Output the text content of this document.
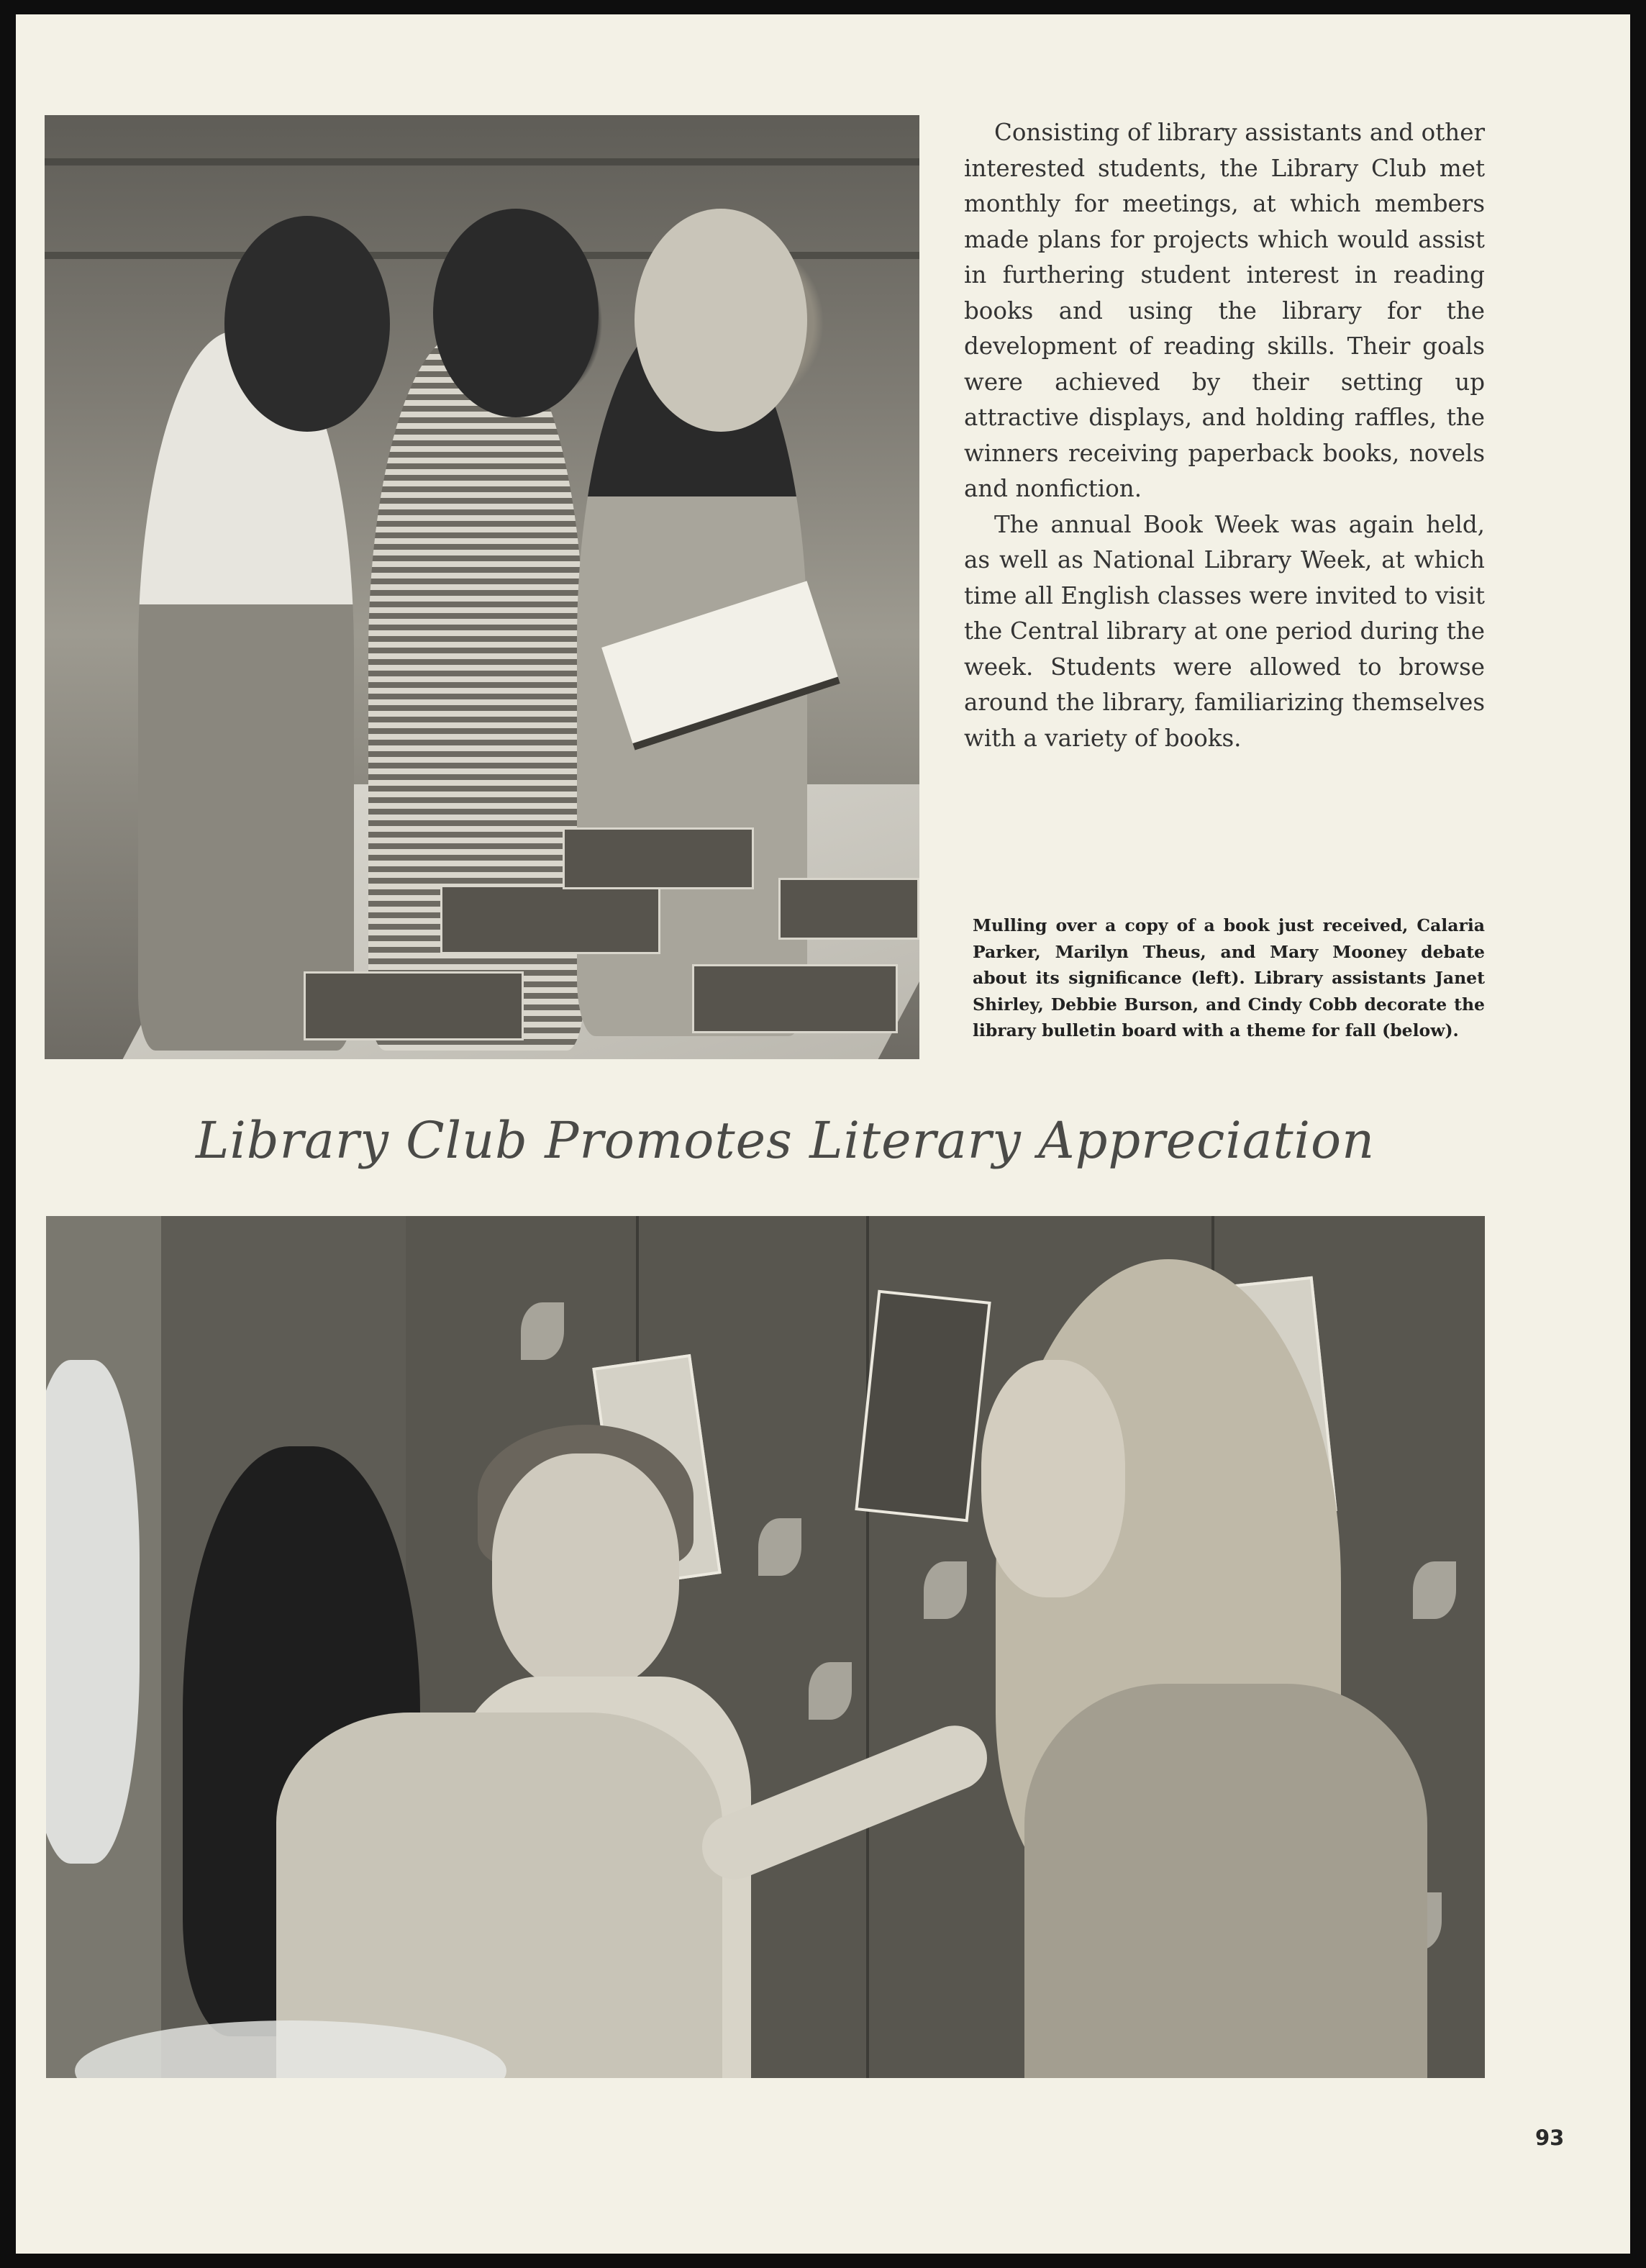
Consisting of library assistants and other interested students, the Library Club met monthly for meetings, at which members made plans for projects which would assist in furthering student interest in reading books and using the library for the development of reading skills. Their goals were achieved by their setting up attractive displays, and holding raffles, the winners receiving paperback books, novels and nonfiction.

The annual Book Week was again held, as well as National Library Week, at which time all English classes were invited to visit the Central library at one period during the week. Students were allowed to browse around the library, familiarizing themselves with a variety of books.

Mulling over a copy of a book just received, Calaria Parker, Marilyn Theus, and Mary Mooney debate about its significance (left). Library assistants Janet Shirley, Debbie Burson, and Cindy Cobb decorate the library bulletin board with a theme for fall (below).
Library Club Promotes Literary Appreciation
93
